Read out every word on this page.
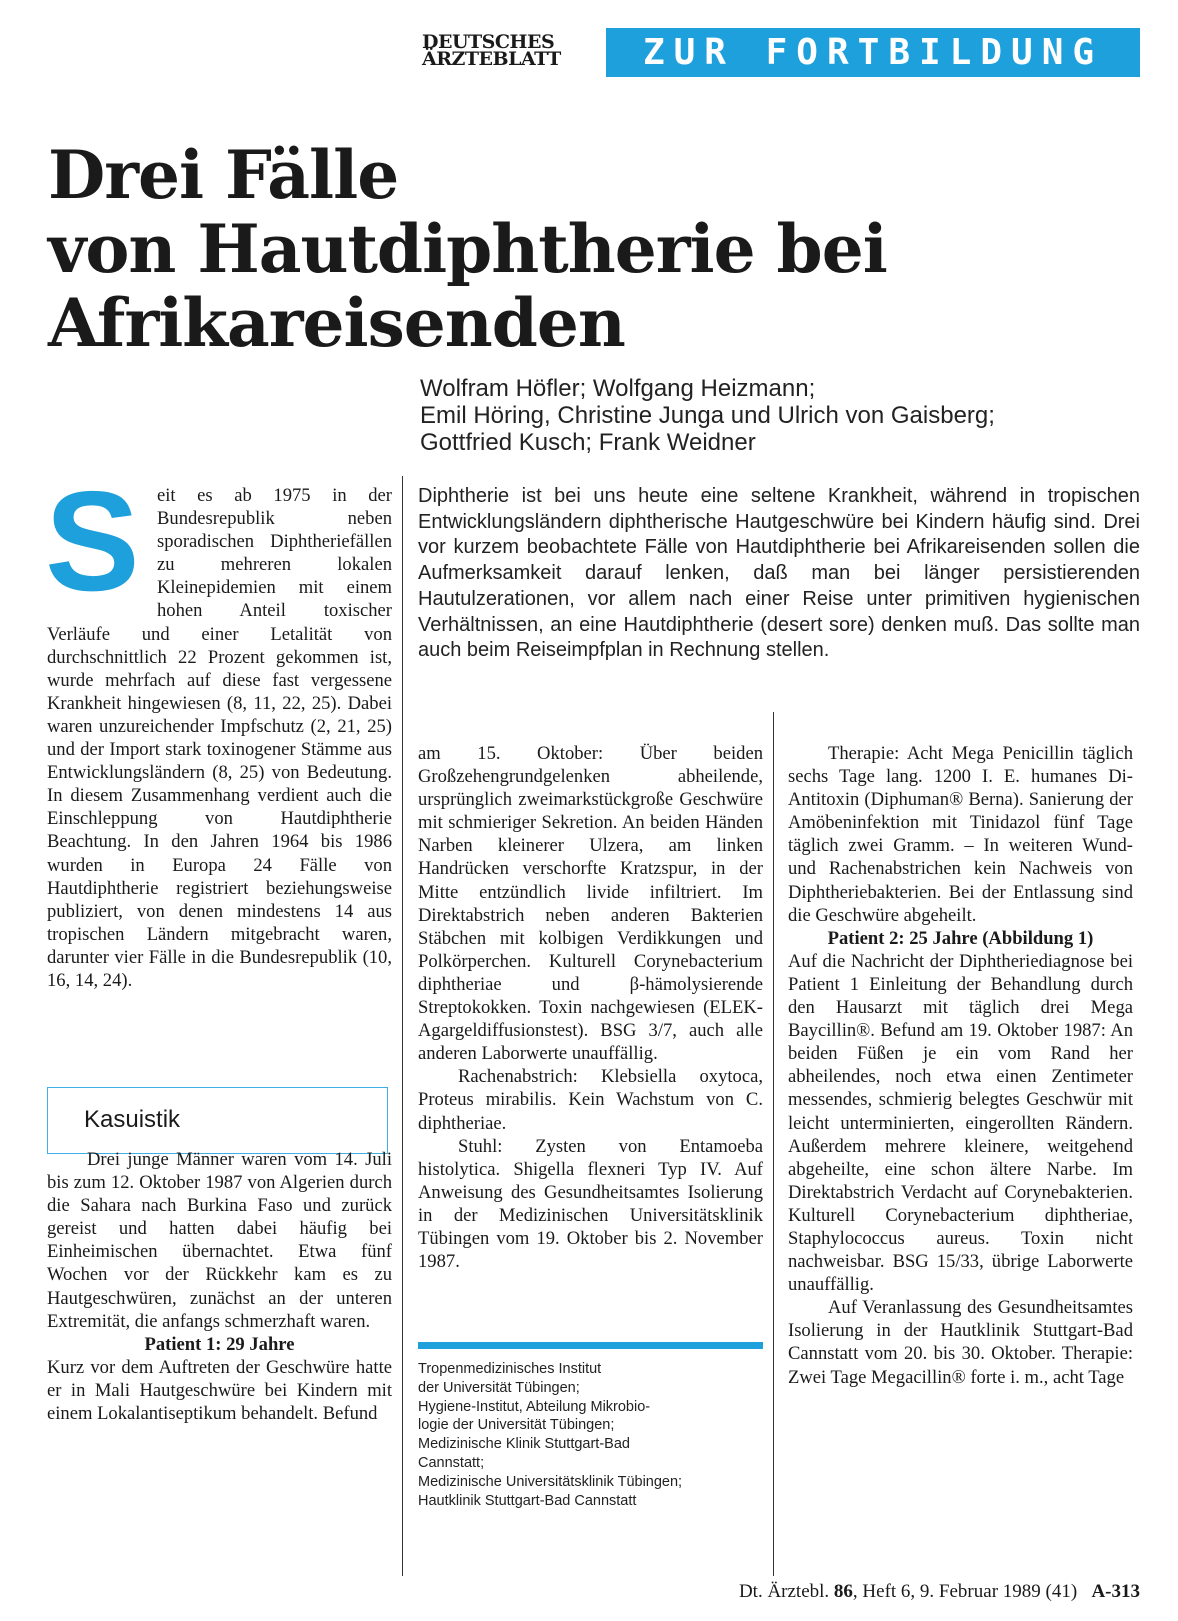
DEUTSCHES
ÄRZTEBLATT	ZUR FORTBILDUNG
Drei Fälle
von Hautdiphtherie bei
Afrikareisenden
Wolfram Höfler; Wolfgang Heizmann;
Emil Höring, Christine Junga und Ulrich von Gaisberg;
Gottfried Kusch; Frank Weidner

Diphtherie ist bei uns heute eine seltene Krankheit, während in tropischen Entwicklungsländern diphtherische Hautgeschwüre bei Kindern häufig sind. Drei vor kurzem beobachtete Fälle von Hautdiphtherie bei Afrikareisenden sollen die Aufmerksamkeit darauf lenken, daß man bei länger persistierenden Hautulzerationen, vor allem nach einer Reise unter primitiven hygienischen Verhältnissen, an eine Hautdiphtherie (desert sore) denken muß. Das sollte man auch beim Reiseimpfplan in Rechnung stellen.

Seit es ab 1975 in der Bundesrepublik neben sporadischen Diphtheriefällen zu mehreren lokalen Kleinepidemien mit einem hohen Anteil toxischer Verläufe und einer Letalität von durchschnittlich 22 Prozent gekommen ist, wurde mehrfach auf diese fast vergessene Krankheit hingewiesen (8, 11, 22, 25). Dabei waren unzureichender Impfschutz (2, 21, 25) und der Import stark toxinogener Stämme aus Entwicklungsländern (8, 25) von Bedeutung. In diesem Zusammenhang verdient auch die Einschleppung von Hautdiphtherie Beachtung. In den Jahren 1964 bis 1986 wurden in Europa 24 Fälle von Hautdiphtherie registriert beziehungsweise publiziert, von denen mindestens 14 aus tropischen Ländern mitgebracht waren, darunter vier Fälle in die Bundesrepublik (10, 16, 14, 24).

Kasuistik

Drei junge Männer waren vom 14. Juli bis zum 12. Oktober 1987 von Algerien durch die Sahara nach Burkina Faso und zurück gereist und hatten dabei häufig bei Einheimischen übernachtet. Etwa fünf Wochen vor der Rückkehr kam es zu Hautgeschwüren, zunächst an der unteren Extremität, die anfangs schmerzhaft waren.

Patient 1: 29 Jahre

Kurz vor dem Auftreten der Geschwüre hatte er in Mali Hautgeschwüre bei Kindern mit einem Lokalantiseptikum behandelt. Befund

am 15. Oktober: Über beiden Großzehengrundgelenken abheilende, ursprünglich zweimarkstückgroße Geschwüre mit schmieriger Sekretion. An beiden Händen Narben kleinerer Ulzera, am linken Handrücken verschorfte Kratzspur, in der Mitte entzündlich livide infiltriert. Im Direktabstrich neben anderen Bakterien Stäbchen mit kolbigen Verdikkungen und Polkörperchen. Kulturell Corynebacterium diphtheriae und β-hämolysierende Streptokokken. Toxin nachgewiesen (ELEK-Agargeldiffusionstest). BSG 3/7, auch alle anderen Laborwerte unauffällig.

Rachenabstrich: Klebsiella oxytoca, Proteus mirabilis. Kein Wachstum von C. diphtheriae.

Stuhl: Zysten von Entamoeba histolytica. Shigella flexneri Typ IV. Auf Anweisung des Gesundheitsamtes Isolierung in der Medizinischen Universitätsklinik Tübingen vom 19. Oktober bis 2. November 1987.

Tropenmedizinisches Institut
der Universität Tübingen;
Hygiene-Institut, Abteilung Mikrobio-
logie der Universität Tübingen;
Medizinische Klinik Stuttgart-Bad
Cannstatt;
Medizinische Universitätsklinik Tübingen;
Hautklinik Stuttgart-Bad Cannstatt

Therapie: Acht Mega Penicillin täglich sechs Tage lang. 1200 I. E. humanes Di-Antitoxin (Diphuman® Berna). Sanierung der Amöbeninfektion mit Tinidazol fünf Tage täglich zwei Gramm. – In weiteren Wund- und Rachenabstrichen kein Nachweis von Diphtheriebakterien. Bei der Entlassung sind die Geschwüre abgeheilt.

Patient 2: 25 Jahre (Abbildung 1)

Auf die Nachricht der Diphtheriediagnose bei Patient 1 Einleitung der Behandlung durch den Hausarzt mit täglich drei Mega Baycillin®. Befund am 19. Oktober 1987: An beiden Füßen je ein vom Rand her abheilendes, noch etwa einen Zentimeter messendes, schmierig belegtes Geschwür mit leicht unterminierten, eingerollten Rändern. Außerdem mehrere kleinere, weitgehend abgeheilte, eine schon ältere Narbe. Im Direktabstrich Verdacht auf Corynebakterien. Kulturell Corynebacterium diphtheriae, Staphylococcus aureus. Toxin nicht nachweisbar. BSG 15/33, übrige Laborwerte unauffällig.

Auf Veranlassung des Gesundheitsamtes Isolierung in der Hautklinik Stuttgart-Bad Cannstatt vom 20. bis 30. Oktober. Therapie: Zwei Tage Megacillin® forte i. m., acht Tage

Dt. Ärztebl. 86, Heft 6, 9. Februar 1989 (41) A-313
